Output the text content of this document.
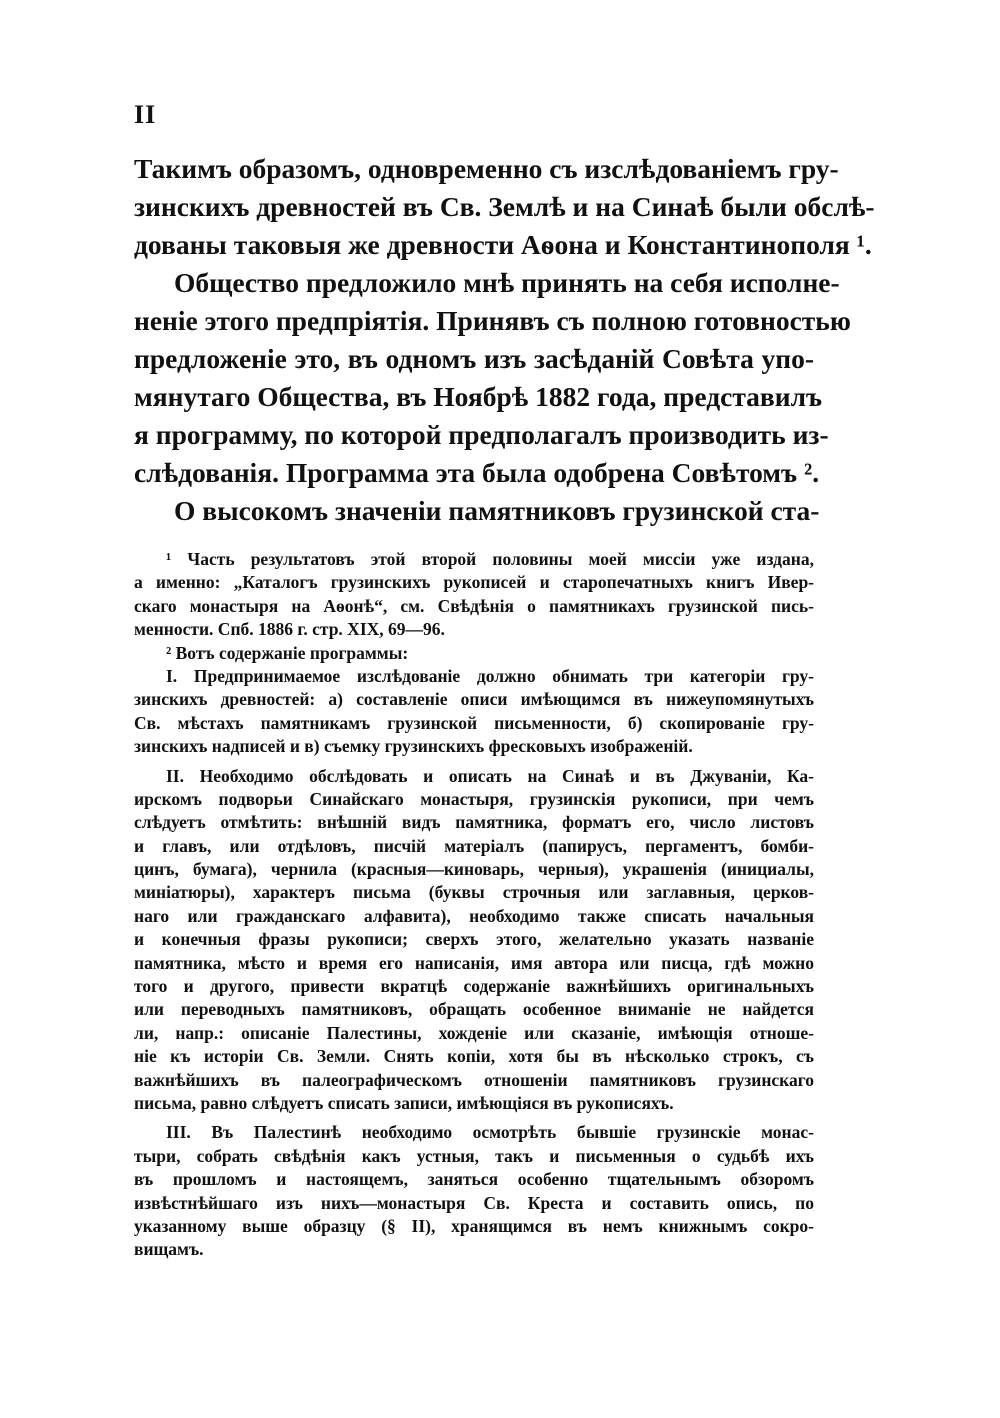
II
Такимъ образомъ, одновременно съ изслѣдованіемъ гру-
зинскихъ древностей въ Св. Землѣ и на Синаѣ были обслѣ-
дованы таковыя же древности Аѳона и Константинополя ¹.
Общество предложило мнѣ принять на себя исполне-
неніе этого предпріятія. Принявъ съ полною готовностью
предложеніе это, въ одномъ изъ засѣданій Совѣта упо-
мянутаго Общества, въ Ноябрѣ 1882 года, представилъ
я программу, по которой предполагалъ производить из-
слѣдованія. Программа эта была одобрена Совѣтомъ ².
О высокомъ значеніи памятниковъ грузинской ста-
¹ Часть результатовъ этой второй половины моей миссіи уже издана,
а именно: „Каталогъ грузинскихъ рукописей и старопечатныхъ книгъ Ивер-
скаго монастыря на Аѳонѣ“, см. Свѣдѣнія о памятникахъ грузинской пись-
менности. Спб. 1886 г. стр. XIX, 69—96.
² Вотъ содержаніе программы:
I. Предпринимаемое изслѣдованіе должно обнимать три категоріи гру-
зинскихъ древностей: а) составленіе описи имѣющимся въ нижеупомянутыхъ
Св. мѣстахъ памятникамъ грузинской письменности, б) скопированіе гру-
зинскихъ надписей и в) съемку грузинскихъ фресковыхъ изображеній.
II. Необходимо обслѣдовать и описать на Синаѣ и въ Джуваніи, Ка-
ирскомъ подворьи Синайскаго монастыря, грузинскія рукописи, при чемъ
слѣдуетъ отмѣтить: внѣшній видъ памятника, форматъ его, число листовъ
и главъ, или отдѣловъ, писчій матеріалъ (папирусъ, пергаментъ, бомби-
цинъ, бумага), чернила (красныя—киноварь, черныя), украшенія (инициалы,
миніатюры), характеръ письма (буквы строчныя или заглавныя, церков-
наго или гражданскаго алфавита), необходимо также списать начальныя
и конечныя фразы рукописи; сверхъ этого, желательно указать названіе
памятника, мѣсто и время его написанія, имя автора или писца, гдѣ можно
того и другого, привести вкратцѣ содержаніе важнѣйшихъ оригинальныхъ
или переводныхъ памятниковъ, обращать особенное вниманіе не найдется
ли, напр.: описаніе Палестины, хожденіе или сказаніе, имѣющія отноше-
ніе къ исторіи Св. Земли. Снять копіи, хотя бы въ нѣсколько строкъ, съ
важнѣйшихъ въ палеографическомъ отношеніи памятниковъ грузинскаго
письма, равно слѣдуетъ списать записи, имѣющіяся въ рукописяхъ.
III. Въ Палестинѣ необходимо осмотрѣть бывшіе грузинскіе монас-
тыри, собрать свѣдѣнія какъ устныя, такъ и письменныя о судьбѣ ихъ
въ прошломъ и настоящемъ, заняться особенно тщательнымъ обзоромъ
извѣстнѣйшаго изъ нихъ—монастыря Св. Креста и составить опись, по
указанному выше образцу (§ II), хранящимся въ немъ книжнымъ сокро-
вищамъ.
